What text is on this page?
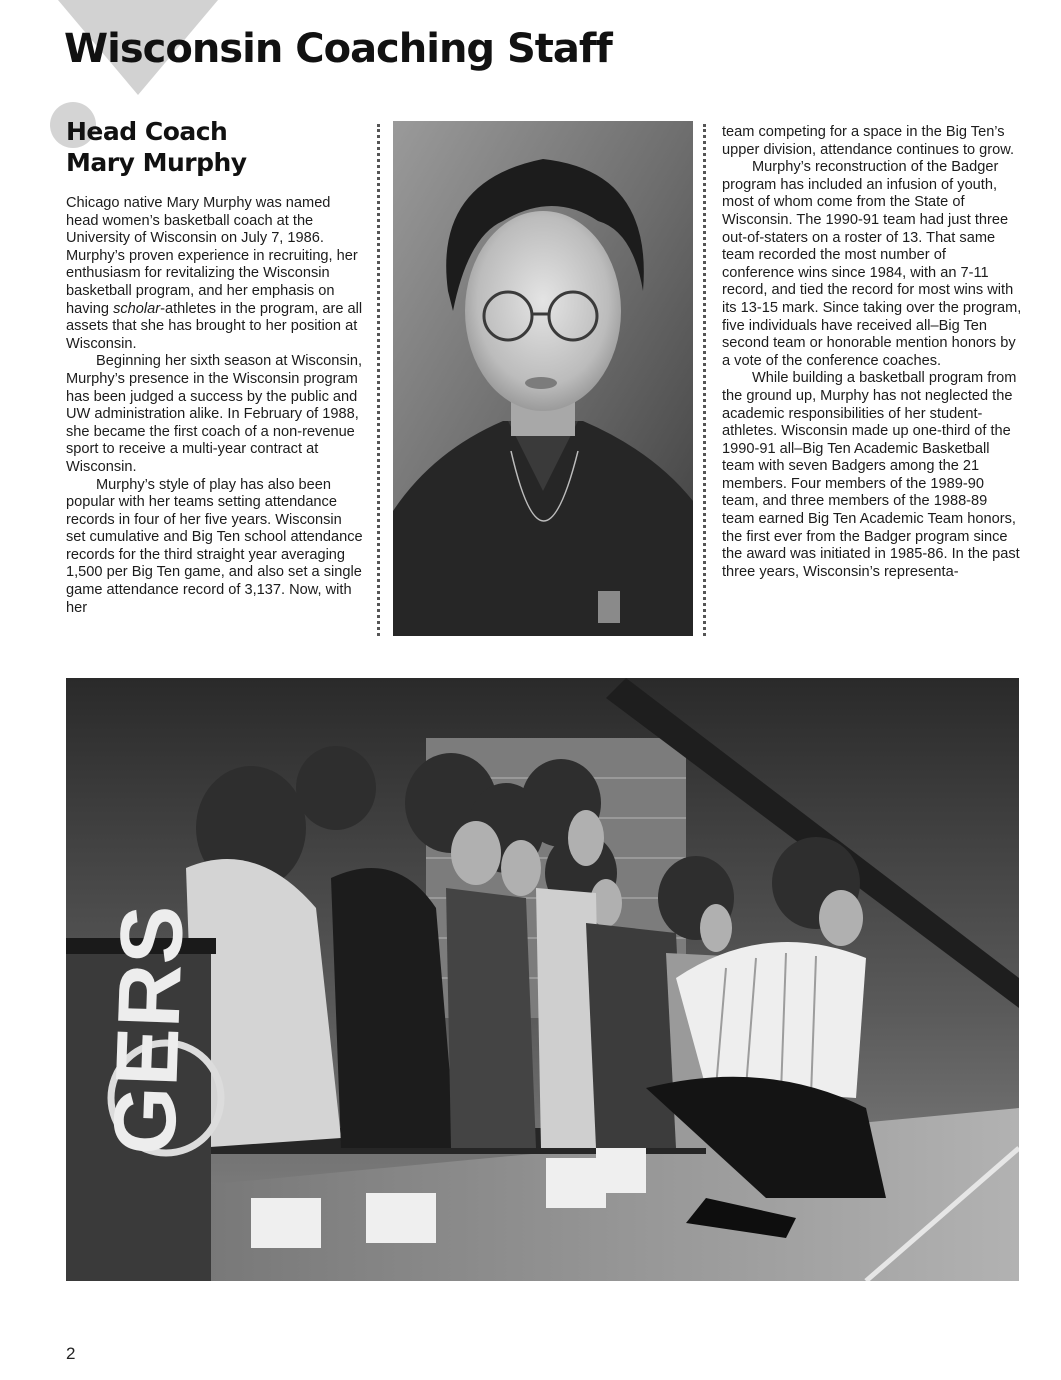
Wisconsin Coaching Staff
Head Coach
Mary Murphy

Chicago native Mary Murphy was named head women’s basketball coach at the University of Wisconsin on July 7, 1986. Murphy’s proven experience in recruiting, her enthusiasm for revitalizing the Wisconsin basketball program, and her emphasis on having scholar-athletes in the program, are all assets that she has brought to her position at Wisconsin.

Beginning her sixth season at Wisconsin, Murphy’s presence in the Wisconsin program has been judged a success by the public and UW administration alike. In February of 1988, she became the first coach of a non-revenue sport to receive a multi-year contract at Wisconsin.

Murphy’s style of play has also been popular with her teams setting attendance records in four of her five years. Wisconsin set cumulative and Big Ten school attendance records for the third straight year averaging 1,500 per Big Ten game, and also set a single game attendance record of 3,137. Now, with her

team competing for a space in the Big Ten’s upper division, attendance continues to grow.

Murphy’s reconstruction of the Badger program has included an infusion of youth, most of whom come from the State of Wisconsin. The 1990-91 team had just three out-of-staters on a roster of 13. That same team recorded the most number of conference wins since 1984, with an 7-11 record, and tied the record for most wins with its 13-15 mark. Since taking over the program, five individuals have received all–Big Ten second team or honorable mention honors by a vote of the conference coaches.

While building a basketball program from the ground up, Murphy has not neglected the academic responsibilities of her student-athletes. Wisconsin made up one-third of the 1990-91 all–Big Ten Academic Basketball team with seven Badgers among the 21 members. Four members of the 1989-90 team, and three members of the 1988-89 team earned Big Ten Academic Team honors, the first ever from the Badger program since the award was initiated in 1985-86. In the past three years, Wisconsin’s representa-

GERS
2
